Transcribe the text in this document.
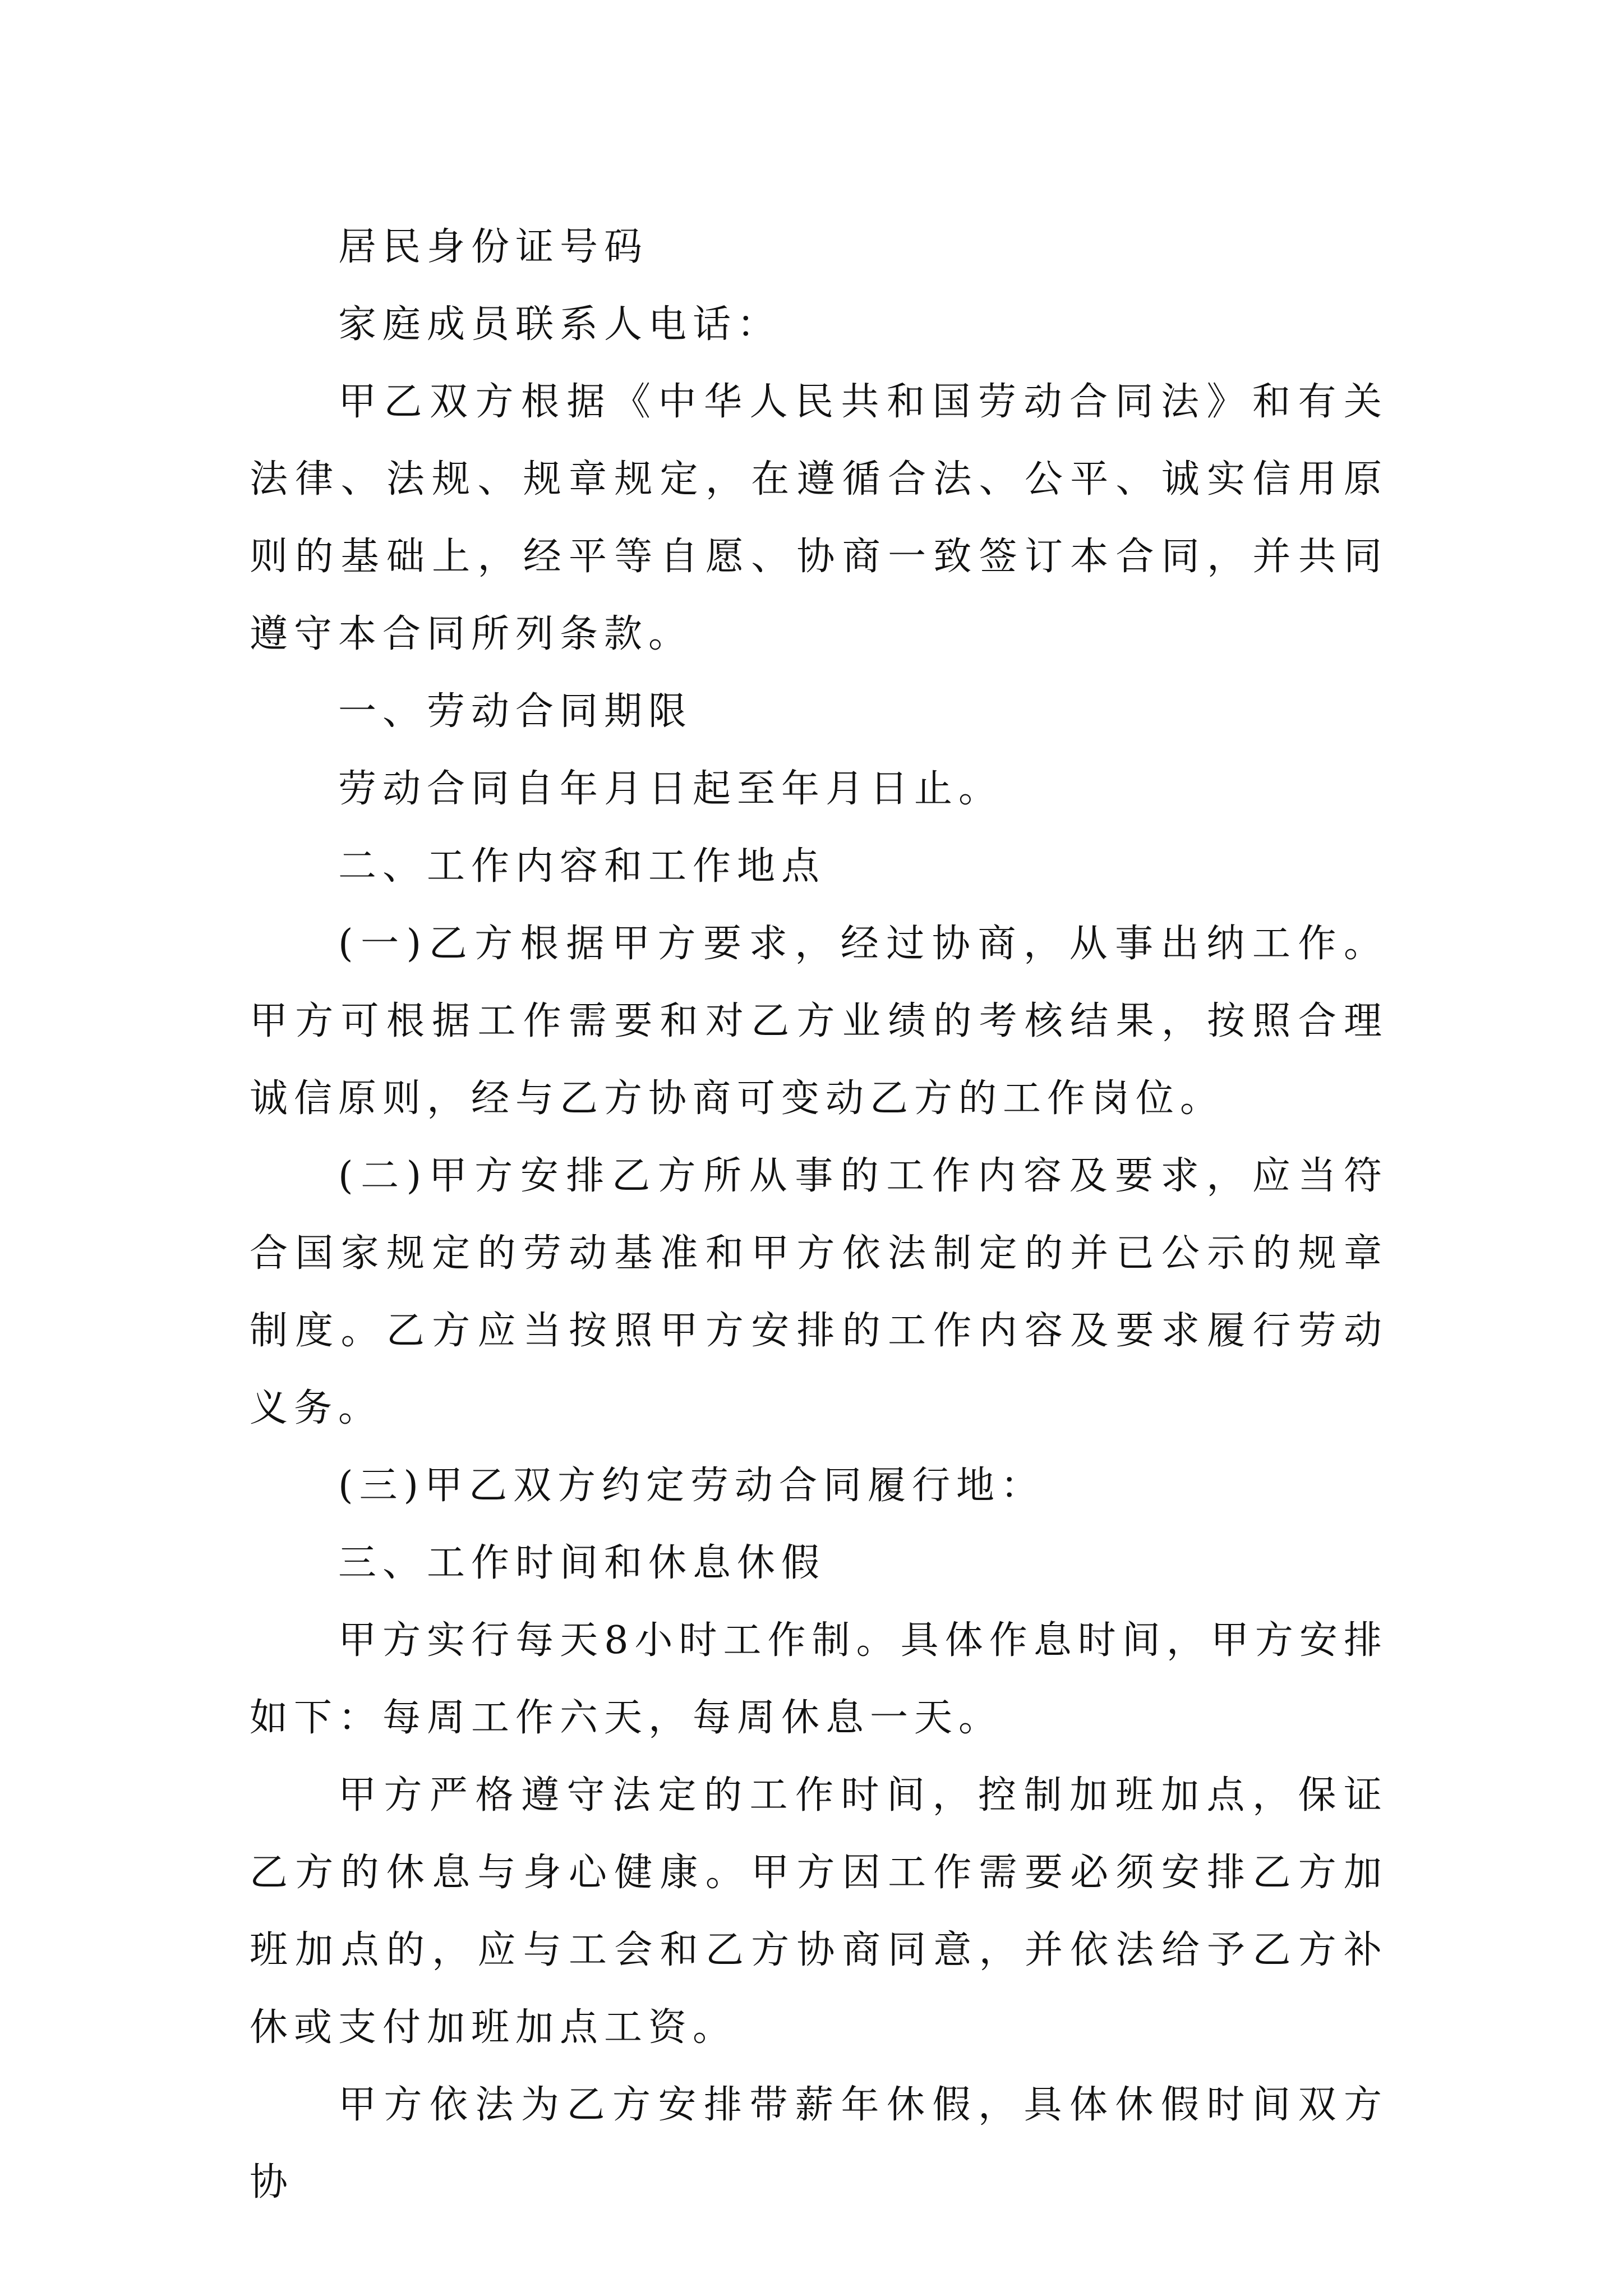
居民身份证号码

家庭成员联系人电话：

甲乙双方根据《中华人民共和国劳动合同法》和有关法律、法规、规章规定，在遵循合法、公平、诚实信用原则的基础上，经平等自愿、协商一致签订本合同，并共同遵守本合同所列条款。

一、劳动合同期限

劳动合同自年月日起至年月日止。

二、工作内容和工作地点

(一)乙方根据甲方要求，经过协商，从事出纳工作。甲方可根据工作需要和对乙方业绩的考核结果，按照合理诚信原则，经与乙方协商可变动乙方的工作岗位。

(二)甲方安排乙方所从事的工作内容及要求，应当符合国家规定的劳动基准和甲方依法制定的并已公示的规章制度。乙方应当按照甲方安排的工作内容及要求履行劳动义务。

(三)甲乙双方约定劳动合同履行地：

三、工作时间和休息休假

甲方实行每天8小时工作制。具体作息时间，甲方安排如下：每周工作六天，每周休息一天。

甲方严格遵守法定的工作时间，控制加班加点，保证乙方的休息与身心健康。甲方因工作需要必须安排乙方加班加点的，应与工会和乙方协商同意，并依法给予乙方补休或支付加班加点工资。

甲方依法为乙方安排带薪年休假，具体休假时间双方协
